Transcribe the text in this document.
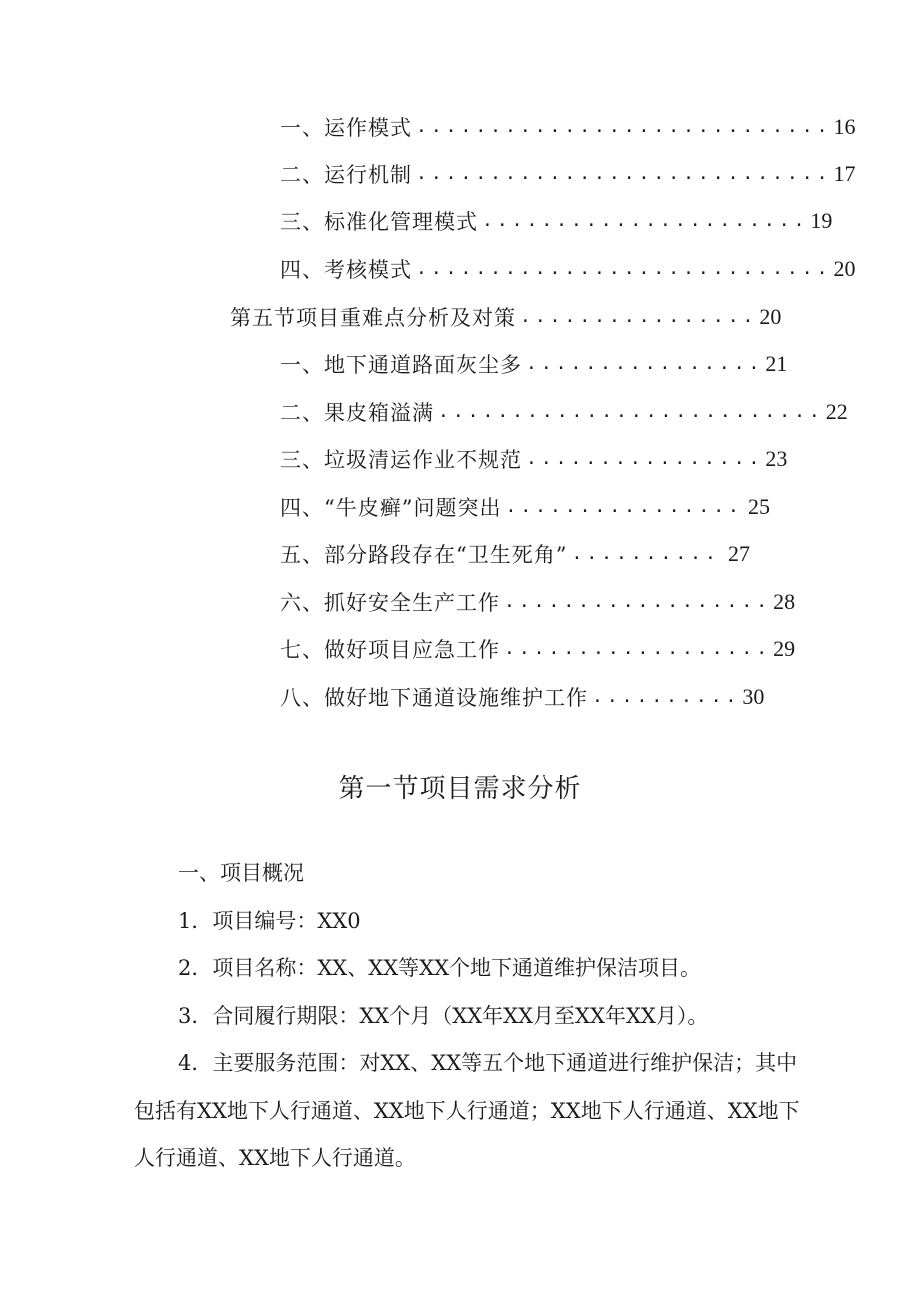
一、运作模式 ............................ 16
二、运行机制 ............................ 17
三、标准化管理模式 ...................... 19
四、考核模式 ............................ 20
第五节项目重难点分析及对策 ................ 20
一、地下通道路面灰尘多 ................ 21
二、果皮箱溢满 .......................... 22
三、垃圾清运作业不规范 ................ 23
四、“牛皮癣”问题突出 ................ 25
五、部分路段存在“卫生死角” .......... 27
六、抓好安全生产工作 .................. 28
七、做好项目应急工作 .................. 29
八、做好地下通道设施维护工作 .......... 30
第一节项目需求分析

一、项目概况

1．项目编号：XX0

2．项目名称：XX、XX等XX个地下通道维护保洁项目。

3．合同履行期限：XX个月（XX年XX月至XX年XX月）。

4．主要服务范围：对XX、XX等五个地下通道进行维护保洁；其中包括有XX地下人行通道、XX地下人行通道；XX地下人行通道、XX地下人行通道、XX地下人行通道。
